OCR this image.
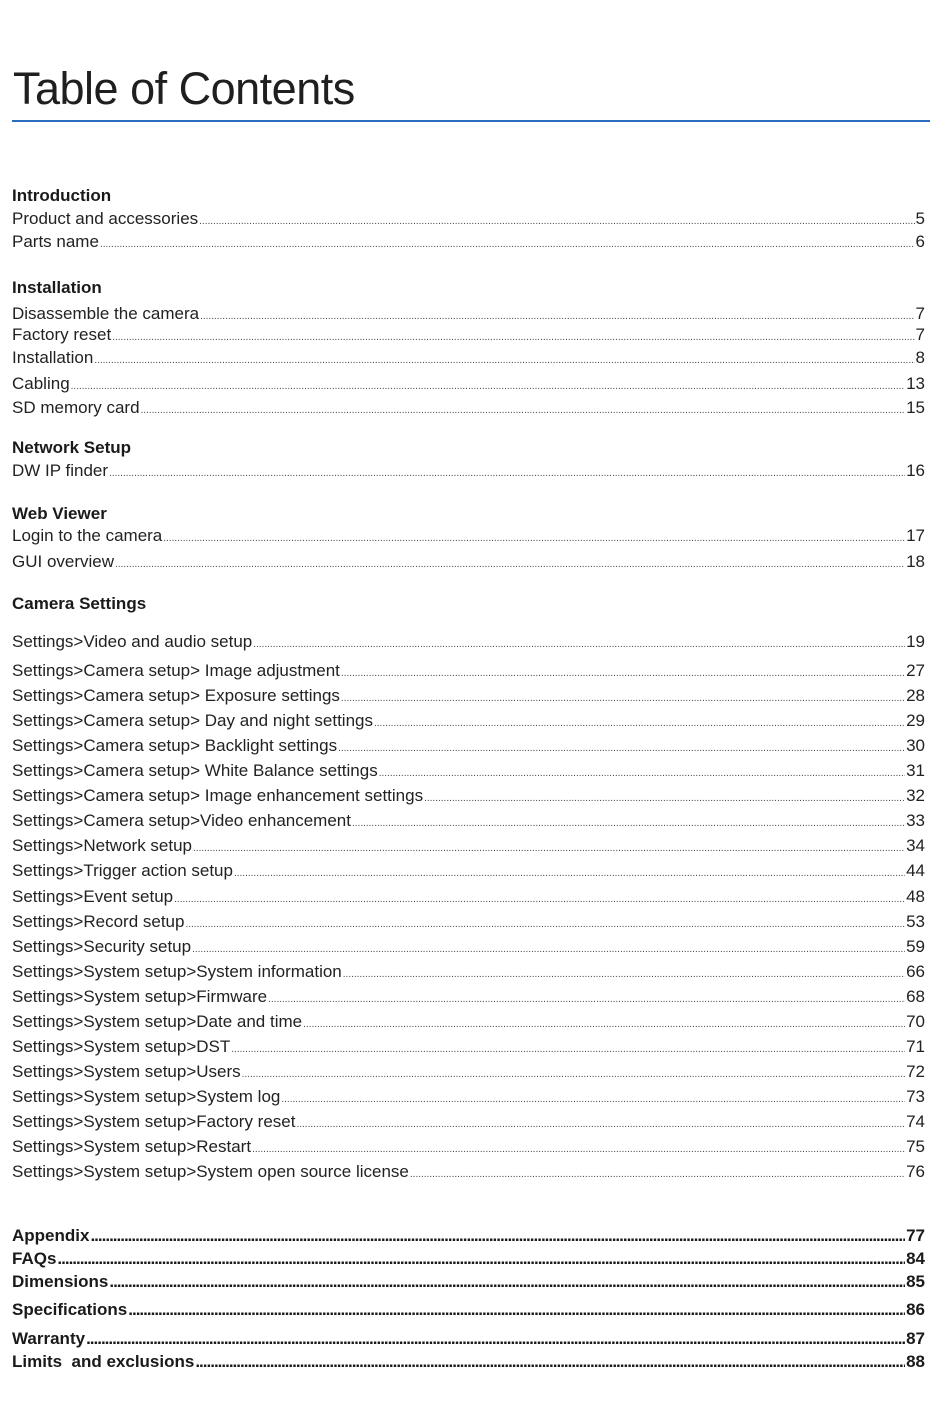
Table of Contents
Introduction
Product and accessories .....	5
Parts name .....	6
Installation
Disassemble the camera .....	7
Factory reset .....	7
Installation .....	8
Cabling .....	13
SD memory card .....	15
Network Setup
DW IP finder .....	16
Web Viewer
Login to the camera .....	17
GUI overview .....	18
Camera Settings
Settings>Video and audio setup .....	19
Settings>Camera setup> Image adjustment .....	27
Settings>Camera setup> Exposure settings .....	28
Settings>Camera setup> Day and night settings .....	29
Settings>Camera setup> Backlight settings .....	30
Settings>Camera setup> White Balance settings .....	31
Settings>Camera setup> Image enhancement settings .....	32
Settings>Camera setup>Video enhancement .....	33
Settings>Network setup .....	34
Settings>Trigger action setup .....	44
Settings>Event setup .....	48
Settings>Record setup .....	53
Settings>Security setup .....	59
Settings>System setup>System information .....	66
Settings>System setup>Firmware .....	68
Settings>System setup>Date and time .....	70
Settings>System setup>DST .....	71
Settings>System setup>Users .....	72
Settings>System setup>System log .....	73
Settings>System setup>Factory reset .....	74
Settings>System setup>Restart .....	75
Settings>System setup>System open source license .....	76
Appendix .....	77
FAQs .....	84
Dimensions .....	85
Specifications .....	86
Warranty .....	87
Limits  and exclusions .....	88
